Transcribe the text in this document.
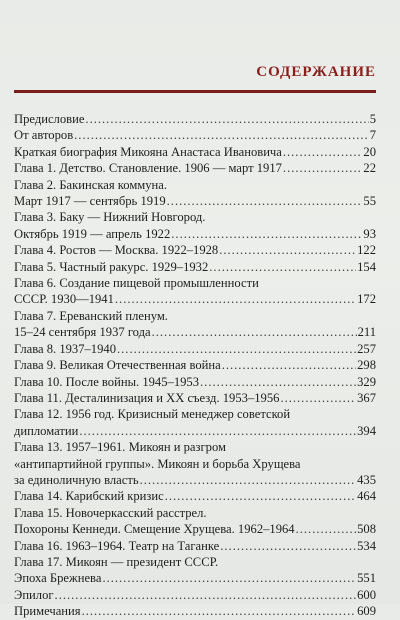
СОДЕРЖАНИЕ
Предисловие .....	5
От авторов .....	7
Краткая биография Микояна Анастаса Ивановича .....	20
Глава 1. Детство. Становление. 1906 — март 1917 .....	22
Глава 2. Бакинская коммуна.
Март 1917 — сентябрь 1919 .....	55
Глава 3. Баку — Нижний Новгород.
Октябрь 1919 — апрель 1922 .....	93
Глава 4. Ростов — Москва. 1922–1928 .....	122
Глава 5. Частный ракурс. 1929–1932 .....	154
Глава 6. Создание пищевой промышленности
СССР. 1930—1941 .....	172
Глава 7. Ереванский пленум.
15–24 сентября 1937 года .....	211
Глава 8. 1937–1940 .....	257
Глава 9. Великая Отечественная война .....	298
Глава 10. После войны. 1945–1953 .....	329
Глава 11. Десталинизация и ХХ съезд. 1953–1956 .....	367
Глава 12. 1956 год. Кризисный менеджер советской
дипломатии .....	394
Глава 13. 1957–1961. Микоян и разгром
«антипартийной группы». Микоян и борьба Хрущева
за единоличную власть .....	435
Глава 14. Карибский кризис .....	464
Глава 15. Новочеркасский расстрел.
Похороны Кеннеди. Смещение Хрущева. 1962–1964 .....	508
Глава 16. 1963–1964. Театр на Таганке .....	534
Глава 17. Микоян — президент СССР.
Эпоха Брежнева .....	551
Эпилог .....	600
Примечания .....	609
